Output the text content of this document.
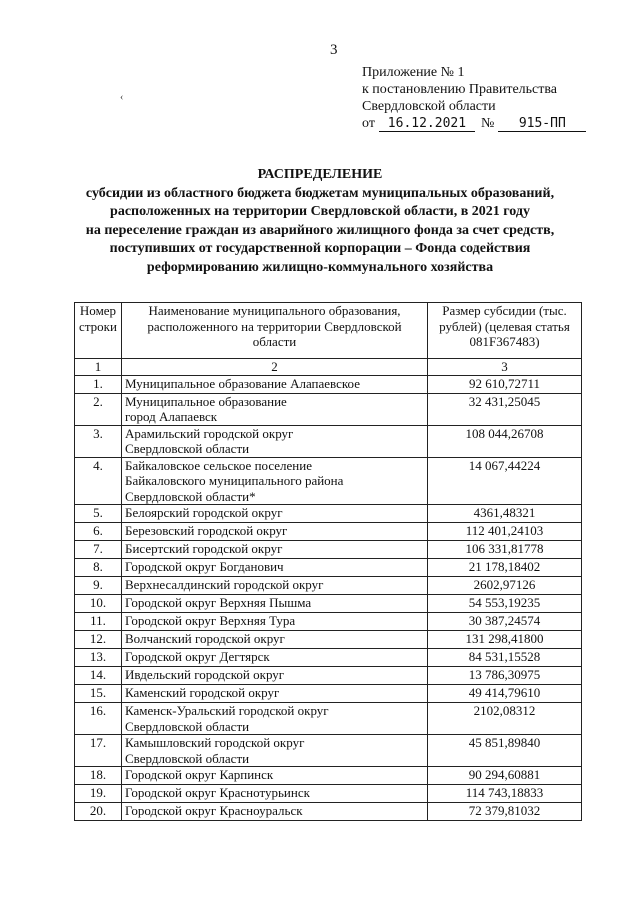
3
‹
Приложение № 1
к постановлению Правительства
Свердловской области
от 16.12.2021 № 915-ПП
РАСПРЕДЕЛЕНИЕ
субсидии из областного бюджета бюджетам муниципальных образований,
расположенных на территории Свердловской области, в 2021 году
на переселение граждан из аварийного жилищного фонда за счет средств,
поступивших от государственной корпорации – Фонда содействия
реформированию жилищно-коммунального хозяйства
Номер строки	Наименование муниципального образования, расположенного на территории Свердловской области	Размер субсидии (тыс. рублей) (целевая статья 081F367483)
1	2	3
1.	Муниципальное образование Алапаевское	92 610,72711
2.	Муниципальное образование
город Алапаевск	32 431,25045
3.	Арамильский городской округ
Свердловской области	108 044,26708
4.	Байкаловское сельское поселение
Байкаловского муниципального района
Свердловской области*	14 067,44224
5.	Белоярский городской округ	4361,48321
6.	Березовский городской округ	112 401,24103
7.	Бисертский городской округ	106 331,81778
8.	Городской округ Богданович	21 178,18402
9.	Верхнесалдинский городской округ	2602,97126
10.	Городской округ Верхняя Пышма	54 553,19235
11.	Городской округ Верхняя Тура	30 387,24574
12.	Волчанский городской округ	131 298,41800
13.	Городской округ Дегтярск	84 531,15528
14.	Ивдельский городской округ	13 786,30975
15.	Каменский городской округ	49 414,79610
16.	Каменск-Уральский городской округ
Свердловской области	2102,08312
17.	Камышловский городской округ
Свердловской области	45 851,89840
18.	Городской округ Карпинск	90 294,60881
19.	Городской округ Краснотурьинск	114 743,18833
20.	Городской округ Красноуральск	72 379,81032
